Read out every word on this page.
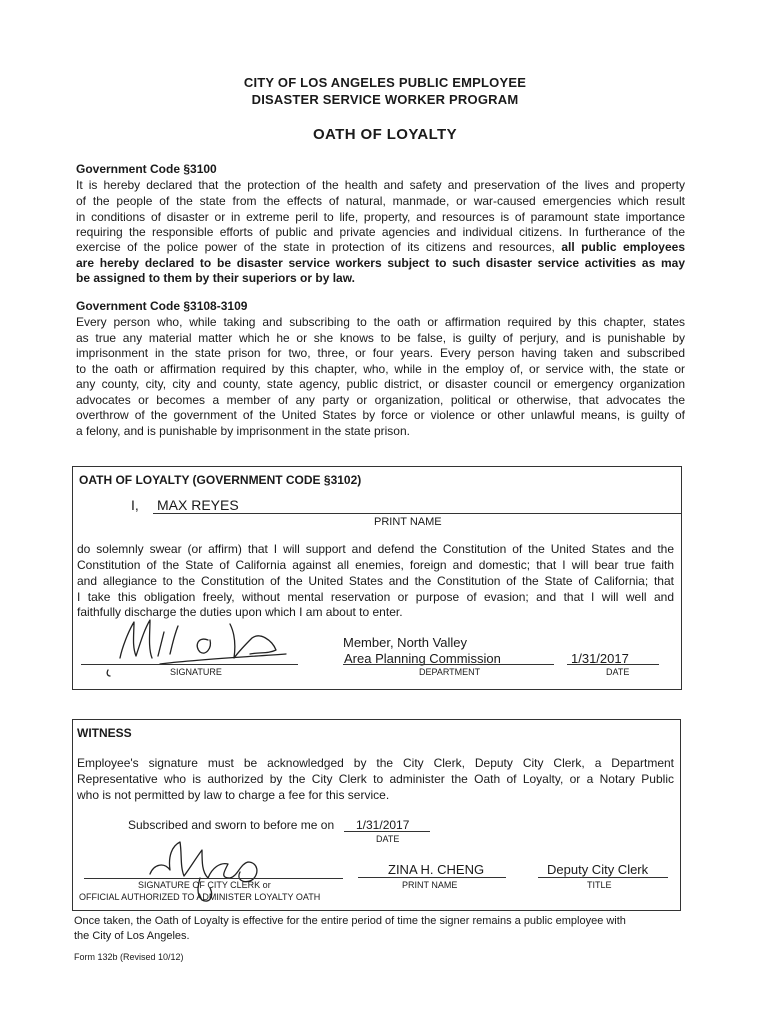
CITY OF LOS ANGELES PUBLIC EMPLOYEE
DISASTER SERVICE WORKER PROGRAM
OATH OF LOYALTY
Government Code §3100
It is hereby declared that the protection of the health and safety and preservation of the lives and property
of the people of the state from the effects of natural, manmade, or war-caused emergencies which result
in conditions of disaster or in extreme peril to life, property, and resources is of paramount state importance
requiring the responsible efforts of public and private agencies and individual citizens. In furtherance of the
exercise of the police power of the state in protection of its citizens and resources, all public employees
are hereby declared to be disaster service workers subject to such disaster service activities as may
be assigned to them by their superiors or by law.
Government Code §3108-3109
Every person who, while taking and subscribing to the oath or affirmation required by this chapter, states
as true any material matter which he or she knows to be false, is guilty of perjury, and is punishable by
imprisonment in the state prison for two, three, or four years. Every person having taken and subscribed
to the oath or affirmation required by this chapter, who, while in the employ of, or service with, the state or
any county, city, city and county, state agency, public district, or disaster council or emergency organization
advocates or becomes a member of any party or organization, political or otherwise, that advocates the
overthrow of the government of the United States by force or violence or other unlawful means, is guilty of
a felony, and is punishable by imprisonment in the state prison.
OATH OF LOYALTY (GOVERNMENT CODE §3102)
I, MAX REYES
PRINT NAME
do solemnly swear (or affirm) that I will support and defend the Constitution of the United States and the
Constitution of the State of California against all enemies, foreign and domestic; that I will bear true faith
and allegiance to the Constitution of the United States and the Constitution of the State of California; that
I take this obligation freely, without mental reservation or purpose of evasion; and that I will well and
faithfully discharge the duties upon which I am about to enter.
SIGNATURE
Member, North Valley
Area Planning Commission
DEPARTMENT
1/31/2017
DATE
WITNESS
Employee's signature must be acknowledged by the City Clerk, Deputy City Clerk, a Department
Representative who is authorized by the City Clerk to administer the Oath of Loyalty, or a Notary Public
who is not permitted by law to charge a fee for this service.
Subscribed and sworn to before me on 1/31/2017
DATE
SIGNATURE OF CITY CLERK or
OFFICIAL AUTHORIZED TO ADMINISTER LOYALTY OATH
ZINA H. CHENG
PRINT NAME
Deputy City Clerk
TITLE
Once taken, the Oath of Loyalty is effective for the entire period of time the signer remains a public employee with
the City of Los Angeles.
Form 132b (Revised 10/12)
